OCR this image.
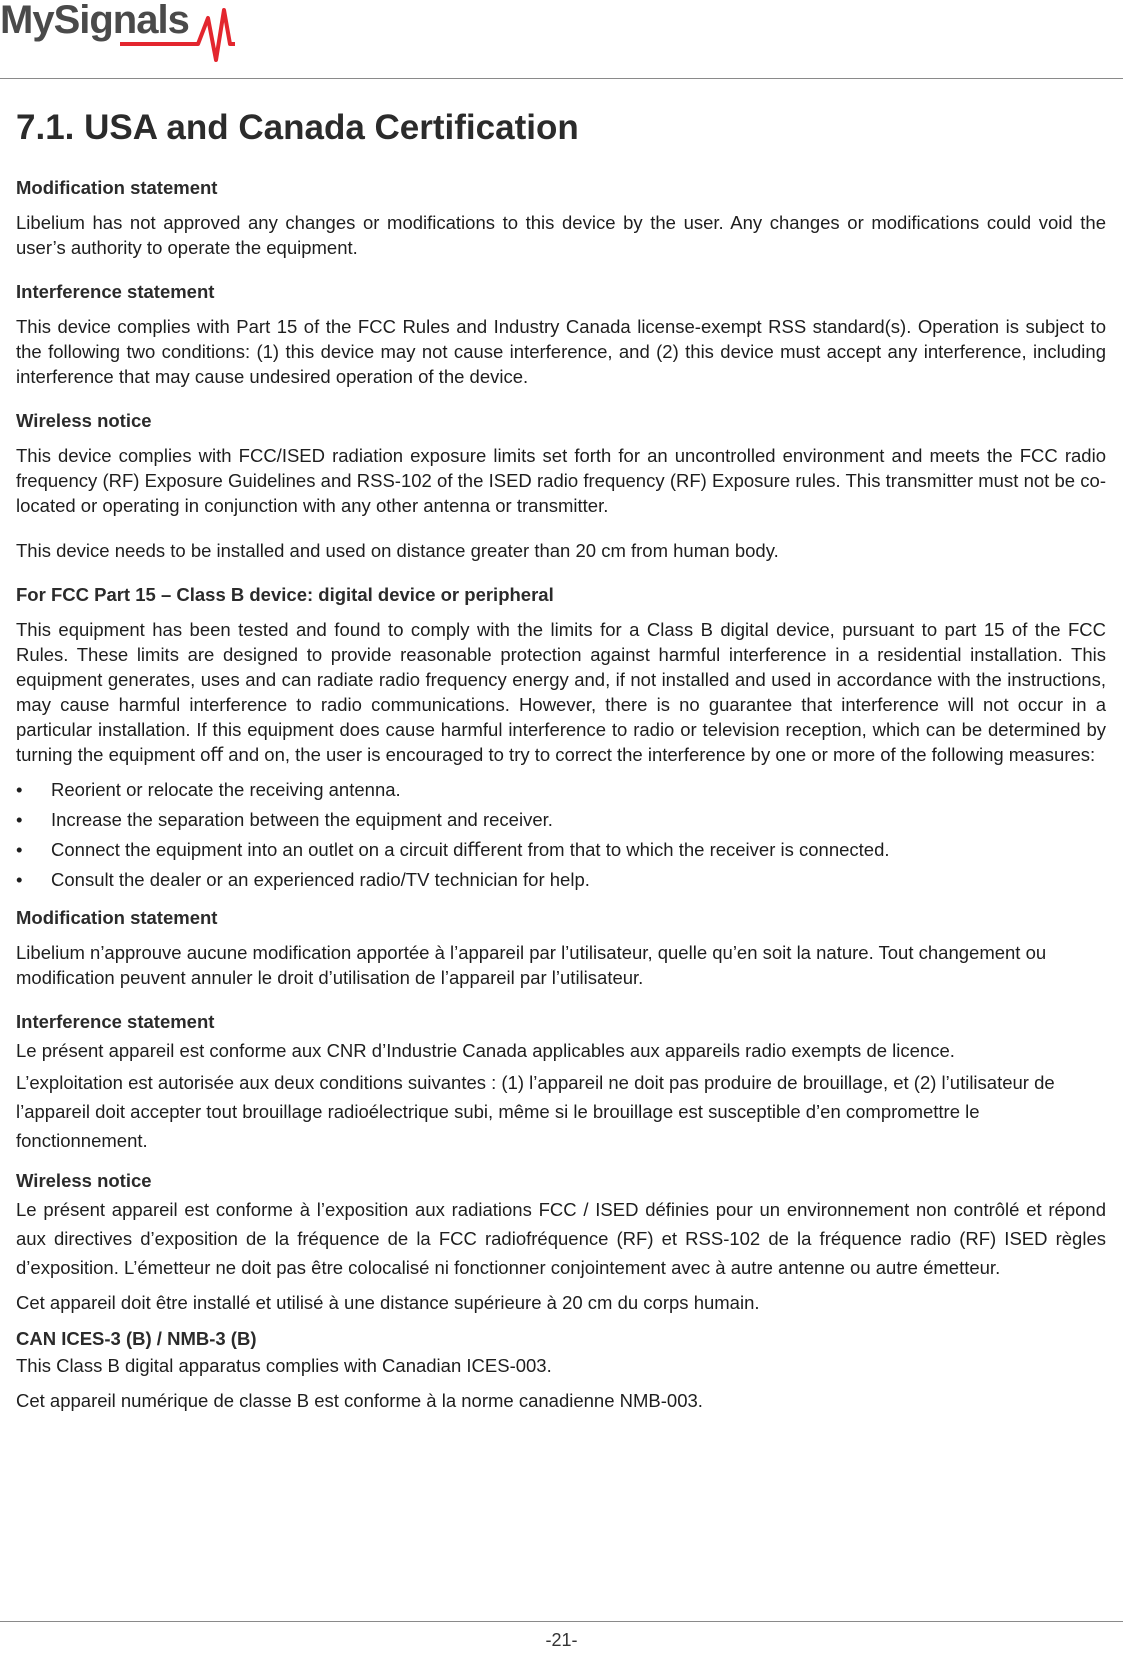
MySignals
7.1. USA and Canada Certiﬁcation
Modiﬁcation statement

Libelium has not approved any changes or modiﬁcations to this device by the user. Any changes or modiﬁcations could void the user’s authority to operate the equipment.

Interference statement

This device complies with Part 15 of the FCC Rules and Industry Canada license-exempt RSS standard(s). Operation is subject to the following two conditions: (1) this device may not cause interference, and (2) this device must accept any interference, including interference that may cause undesired operation of the device.

Wireless notice

This device complies with FCC/ISED radiation exposure limits set forth for an uncontrolled environment and meets the FCC radio frequency (RF) Exposure Guidelines and RSS-102 of the ISED radio frequency (RF) Exposure rules. This transmitter must not be co-located or operating in conjunction with any other antenna or transmitter.

This device needs to be installed and used on distance greater than 20 cm from human body.

For FCC Part 15 – Class B device: digital device or peripheral

This equipment has been tested and found to comply with the limits for a Class B digital device, pursuant to part 15 of the FCC Rules. These limits are designed to provide reasonable protection against harmful interference in a residential installation. This equipment generates, uses and can radiate radio frequency energy and, if not installed and used in accordance with the instructions, may cause harmful interference to radio communications. However, there is no guarantee that interference will not occur in a particular installation. If this equipment does cause harmful interference to radio or television reception, which can be determined by turning the equipment oﬀ and on, the user is encouraged to try to correct the interference by one or more of the following measures:

• Reorient or relocate the receiving antenna.
• Increase the separation between the equipment and receiver.
• Connect the equipment into an outlet on a circuit diﬀerent from that to which the receiver is connected.
• Consult the dealer or an experienced radio/TV technician for help.
Modification statement

Libelium n’approuve aucune modification apportée à l’appareil par l’utilisateur, quelle qu’en soit la nature. Tout changement ou modification peuvent annuler le droit d’utilisation de l’appareil par l’utilisateur.

Interference statement

Le présent appareil est conforme aux CNR d’Industrie Canada applicables aux appareils radio exempts de licence.

L’exploitation est autorisée aux deux conditions suivantes : (1) l’appareil ne doit pas produire de brouillage, et (2) l’utilisateur de l’appareil doit accepter tout brouillage radioélectrique subi, même si le brouillage est susceptible d’en compromettre le fonctionnement.

Wireless notice

Le présent appareil est conforme à l’exposition aux radiations FCC / ISED déﬁnies pour un environnement non contrôlé et répond aux directives d’exposition de la fréquence de la FCC radiofréquence (RF) et RSS-102 de la fréquence radio (RF) ISED règles d’exposition. L’émetteur ne doit pas être colocalisé ni fonctionner conjointement avec à autre antenne ou autre émetteur.

Cet appareil doit être installé et utilisé à une distance supérieure à 20 cm du corps humain.

CAN ICES-3 (B) / NMB-3 (B)

This Class B digital apparatus complies with Canadian ICES-003.

Cet appareil numérique de classe B est conforme à la norme canadienne NMB-003.

-21-
